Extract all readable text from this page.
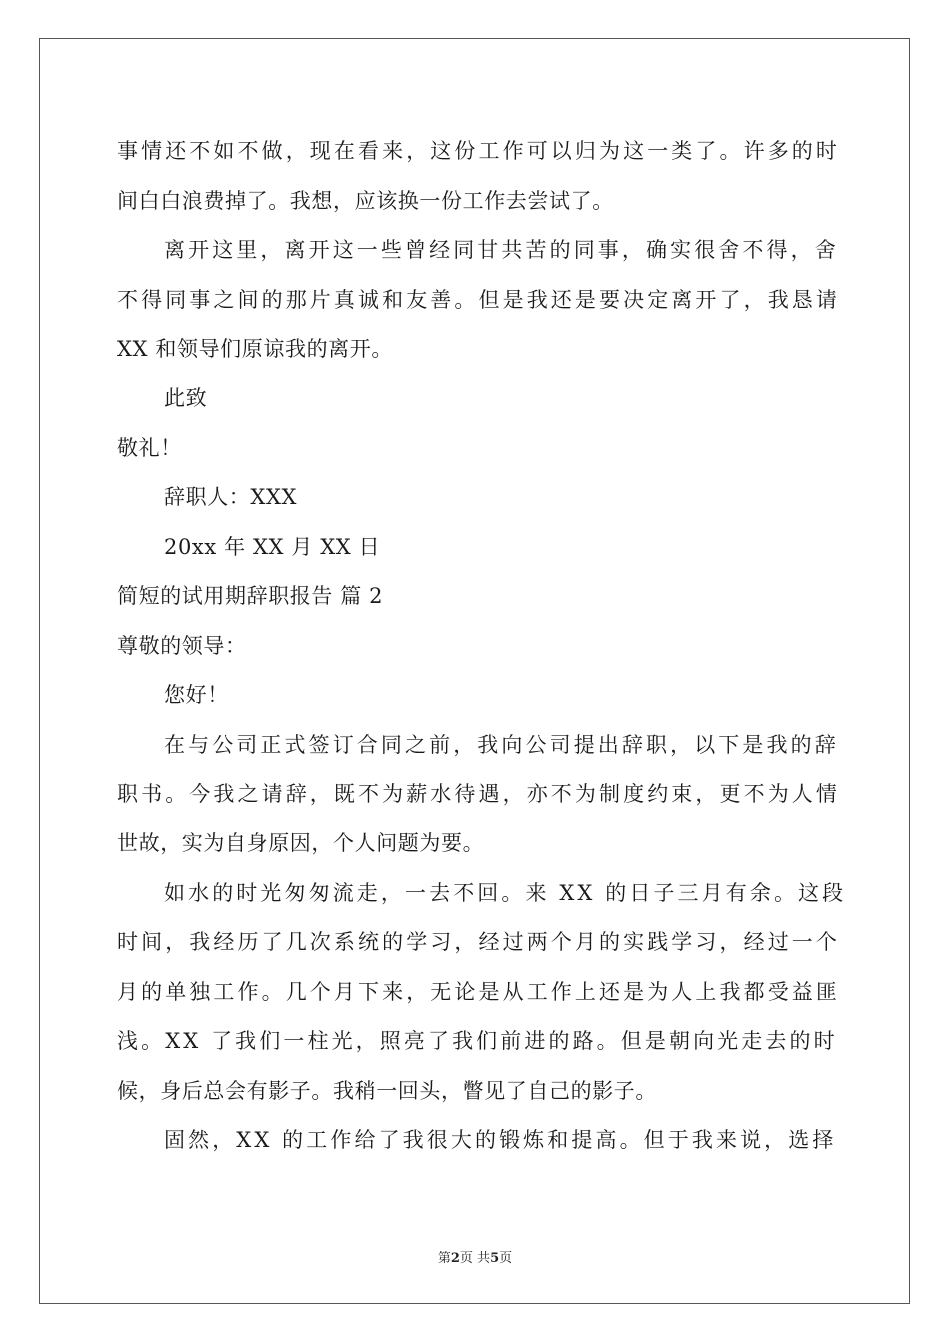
事情还不如不做，现在看来，这份工作可以归为这一类了。许多的时

间白白浪费掉了。我想，应该换一份工作去尝试了。

离开这里，离开这一些曾经同甘共苦的同事，确实很舍不得，舍

不得同事之间的那片真诚和友善。但是我还是要决定离开了，我恳请

XX 和领导们原谅我的离开。

此致

敬礼！

辞职人：XXX

20xx 年 XX 月 XX 日

简短的试用期辞职报告 篇 2

尊敬的领导：

您好！

在与公司正式签订合同之前，我向公司提出辞职，以下是我的辞

职书。今我之请辞，既不为薪水待遇，亦不为制度约束，更不为人情

世故，实为自身原因，个人问题为要。

如水的时光匆匆流走，一去不回。来 XX 的日子三月有余。这段

时间，我经历了几次系统的学习，经过两个月的实践学习，经过一个

月的单独工作。几个月下来，无论是从工作上还是为人上我都受益匪

浅。XX 了我们一柱光，照亮了我们前进的路。但是朝向光走去的时

候，身后总会有影子。我稍一回头，瞥见了自己的影子。

固然，XX 的工作给了我很大的锻炼和提高。但于我来说，选择

第2页 共5页
